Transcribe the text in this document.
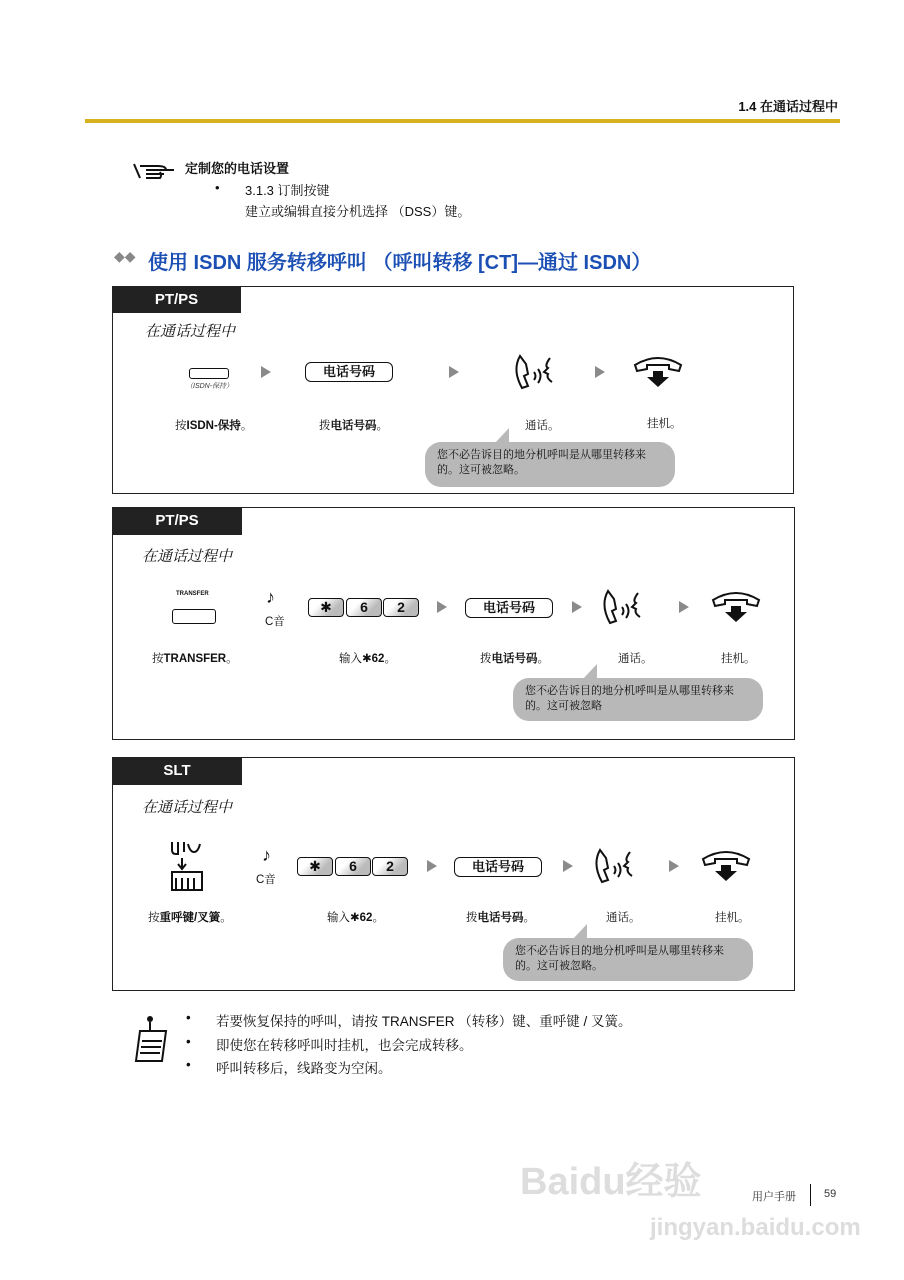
1.4 在通话过程中
定制您的电话设置
• 3.1.3 订制按键
建立或编辑直接分机选择 （DSS）键。
◆◆ 使用 ISDN 服务转移呼叫 （呼叫转移 [CT]—通过 ISDN）
PT/PS
在通话过程中
（ISDN-保持）
电话号码
按ISDN-保持。	拨电话号码。	通话。	挂机。
您不必告诉目的地分机呼叫是从哪里转移来的。这可被忽略。
PT/PS
在通话过程中
TRANSFER	♪
C音
✱	6	2	电话号码
按TRANSFER。	输入✱62。	拨电话号码。	通话。	挂机。
您不必告诉目的地分机呼叫是从哪里转移来的。这可被忽略
SLT
在通话过程中
♪
C音
✱	6	2	电话号码
按重呼键/叉簧。	输入✱62。	拨电话号码。	通话。	挂机。
您不必告诉目的地分机呼叫是从哪里转移来的。这可被忽略。
• 若要恢复保持的呼叫，请按 TRANSFER （转移）键、重呼键 / 叉簧。
• 即使您在转移呼叫时挂机，也会完成转移。
• 呼叫转移后，线路变为空闲。
Baidu经验
jingyan.baidu.com
用户手册	59
